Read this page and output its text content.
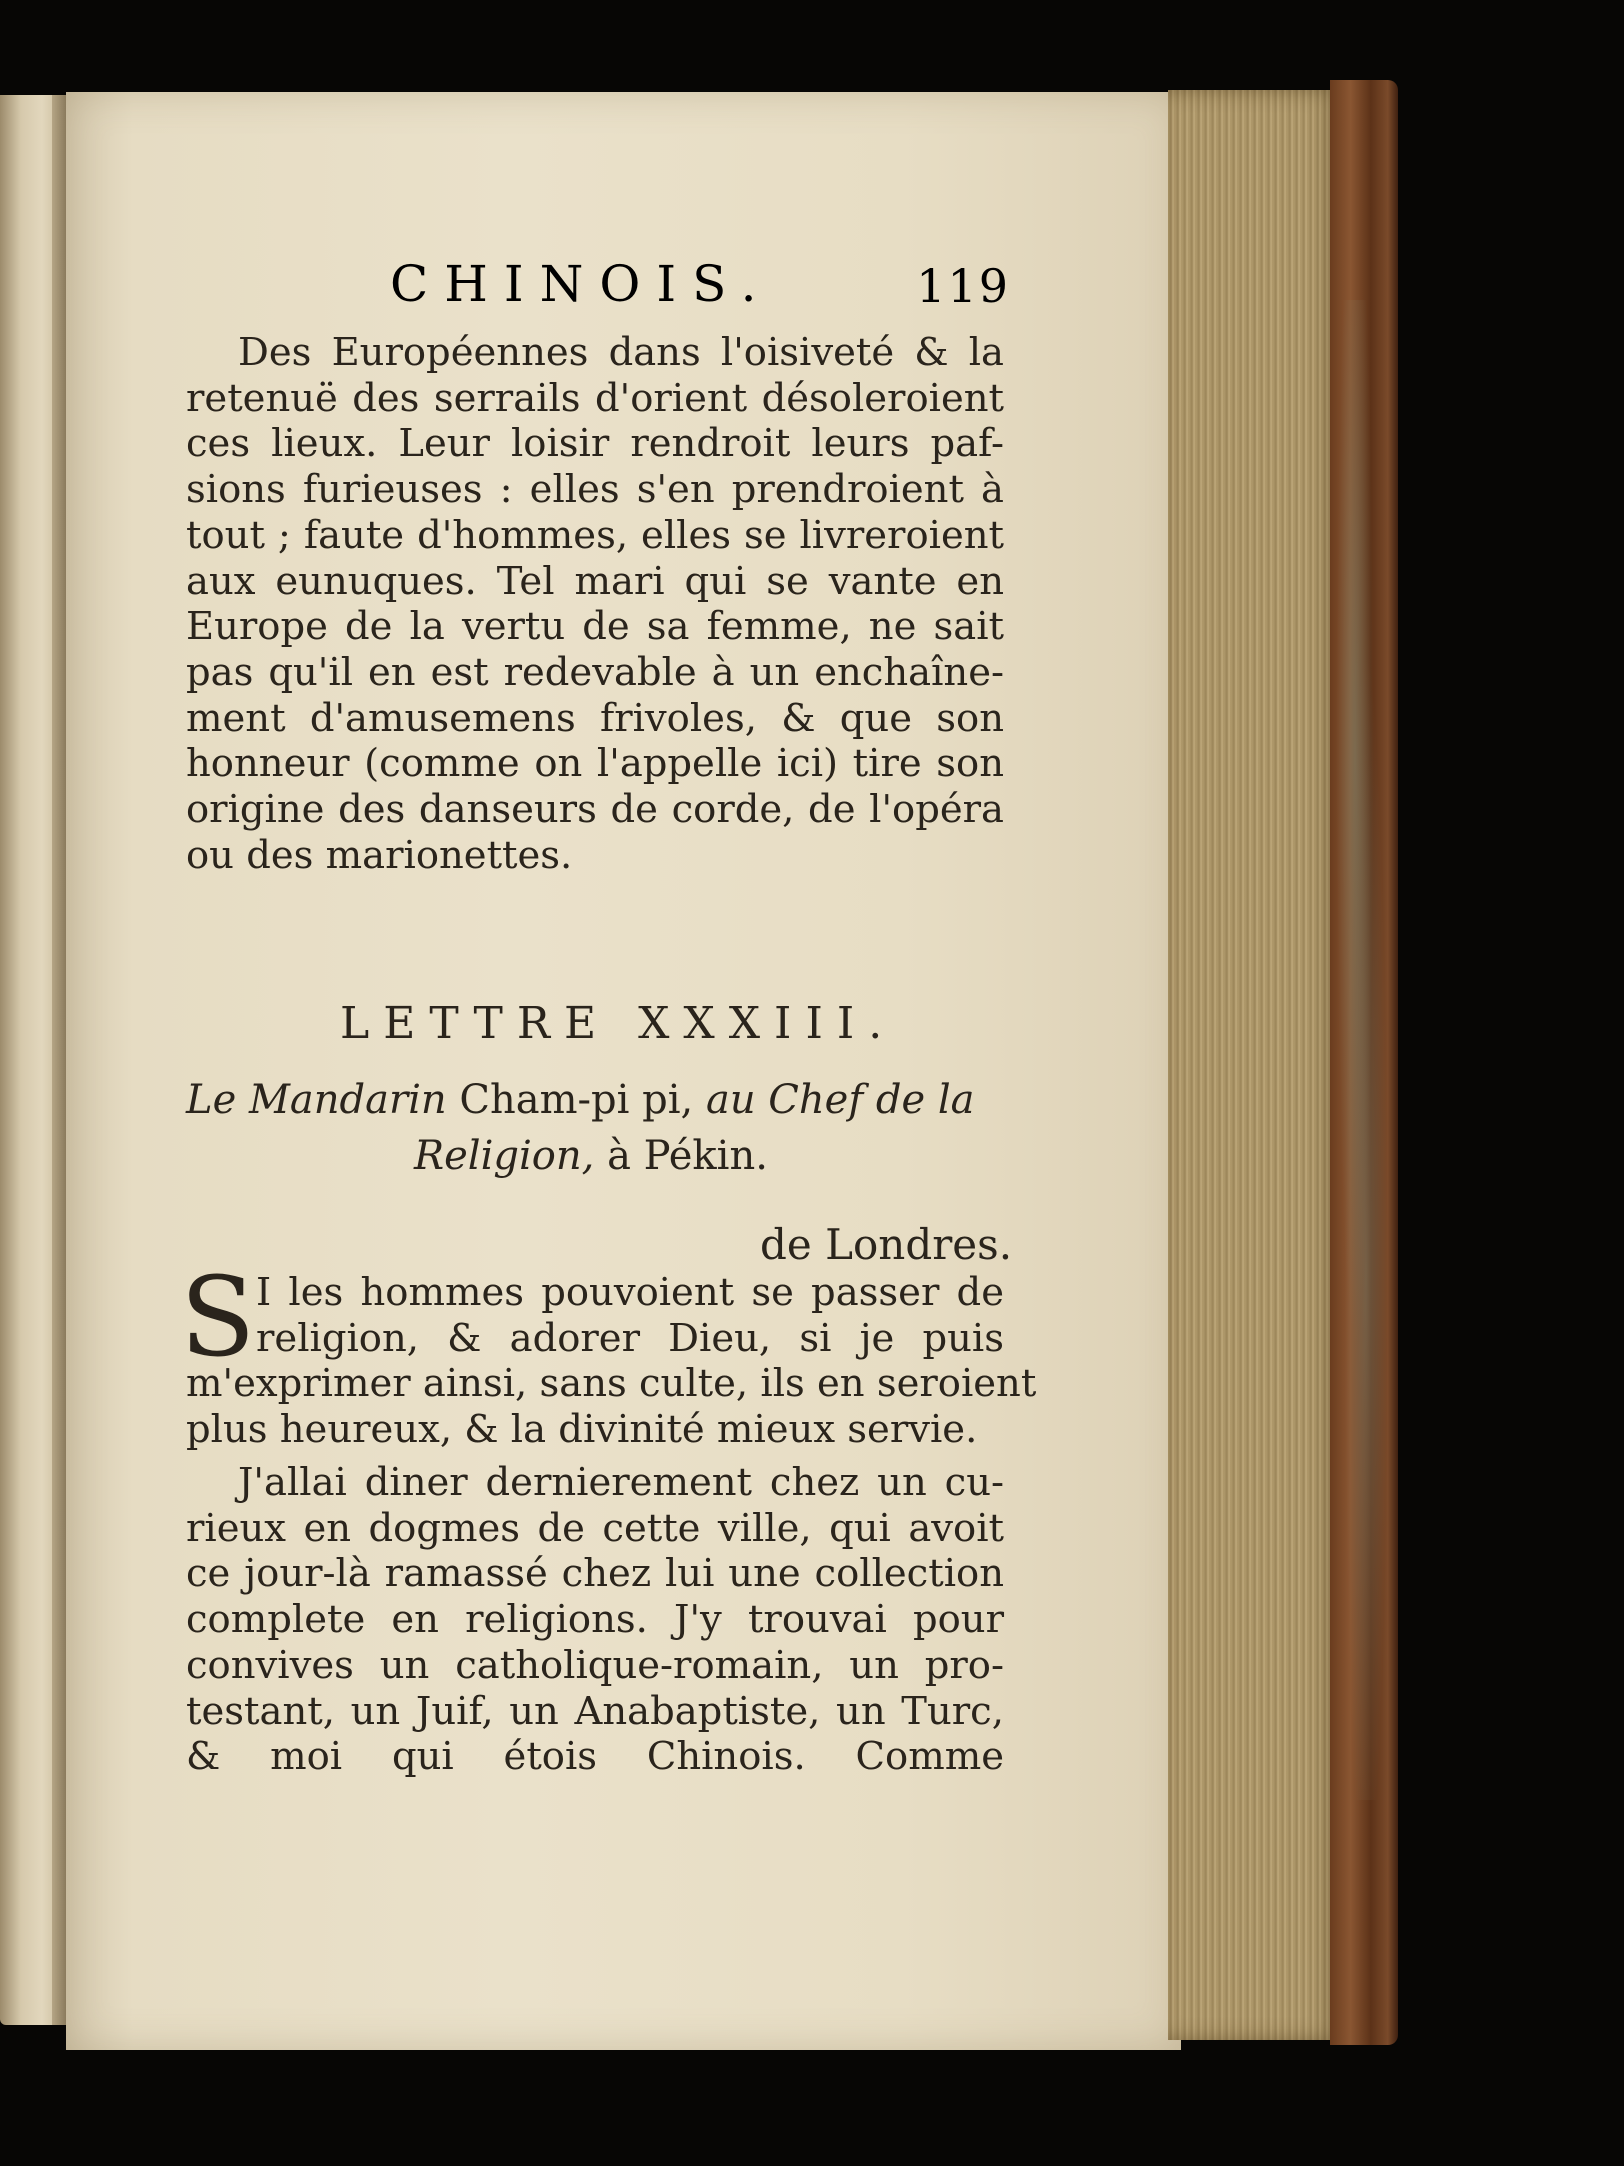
CHINOIS.	119
Des Européennes dans l'oisiveté & la
retenuë des serrails d'orient désoleroient
ces lieux. Leur loisir rendroit leurs paf-
sions furieuses : elles s'en prendroient à
tout ; faute d'hommes, elles se livreroient
aux eunuques. Tel mari qui se vante en
Europe de la vertu de sa femme, ne sait
pas qu'il en est redevable à un enchaîne-
ment d'amusemens frivoles, & que son
honneur (comme on l'appelle ici) tire son
origine des danseurs de corde, de l'opéra
ou des marionettes.
LETTRE XXXIII.
Le Mandarin Cham-pi pi, au Chef de la
Religion, à Pékin.
de Londres.
S I les hommes pouvoient se passer de
religion, & adorer Dieu, si je puis
m'exprimer ainsi, sans culte, ils en seroient
plus heureux, & la divinité mieux servie.
J'allai diner dernierement chez un cu-
rieux en dogmes de cette ville, qui avoit
ce jour-là ramassé chez lui une collection
complete en religions. J'y trouvai pour
convives un catholique-romain, un pro-
testant, un Juif, un Anabaptiste, un Turc,
& moi qui étois Chinois. Comme
